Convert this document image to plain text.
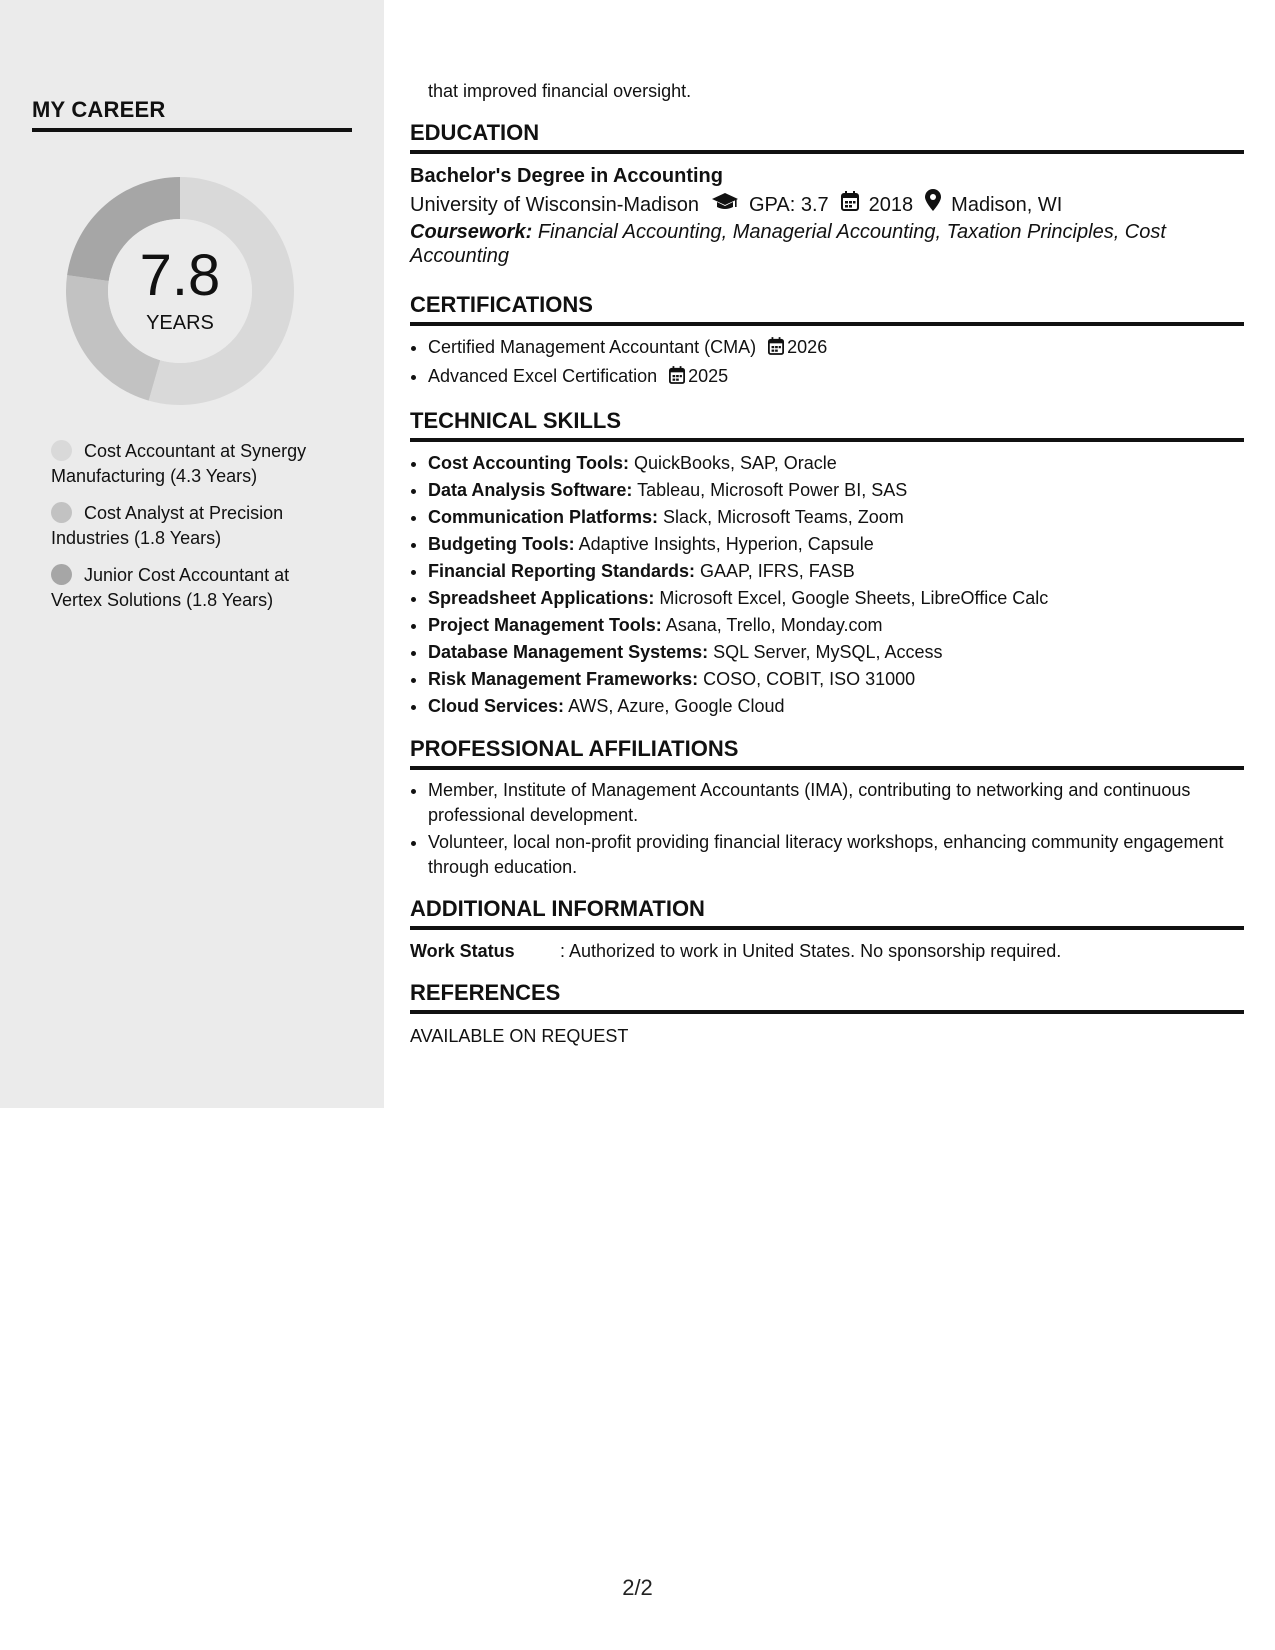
MY CAREER
7.8
YEARS
Cost Accountant at Synergy Manufacturing (4.3 Years)
Cost Analyst at Precision Industries (1.8 Years)
Junior Cost Accountant at Vertex Solutions (1.8 Years)

that improved financial oversight.

EDUCATION
Bachelor's Degree in Accounting
University of Wisconsin-Madison	GPA: 3.7 2018 Madison, WI
Coursework: Financial Accounting, Managerial Accounting, Taxation Principles, Cost Accounting
CERTIFICATIONS
• Certified Management Accountant (CMA) 2026
• Advanced Excel Certification 2025
TECHNICAL SKILLS
• Cost Accounting Tools: QuickBooks, SAP, Oracle
• Data Analysis Software: Tableau, Microsoft Power BI, SAS
• Communication Platforms: Slack, Microsoft Teams, Zoom
• Budgeting Tools: Adaptive Insights, Hyperion, Capsule
• Financial Reporting Standards: GAAP, IFRS, FASB
• Spreadsheet Applications: Microsoft Excel, Google Sheets, LibreOffice Calc
• Project Management Tools: Asana, Trello, Monday.com
• Database Management Systems: SQL Server, MySQL, Access
• Risk Management Frameworks: COSO, COBIT, ISO 31000
• Cloud Services: AWS, Azure, Google Cloud
PROFESSIONAL AFFILIATIONS
• Member, Institute of Management Accountants (IMA), contributing to networking and continuous professional development.
• Volunteer, local non-profit providing financial literacy workshops, enhancing community engagement through education.
ADDITIONAL INFORMATION
Work Status	: Authorized to work in United States. No sponsorship required.
REFERENCES
AVAILABLE ON REQUEST
2/2
